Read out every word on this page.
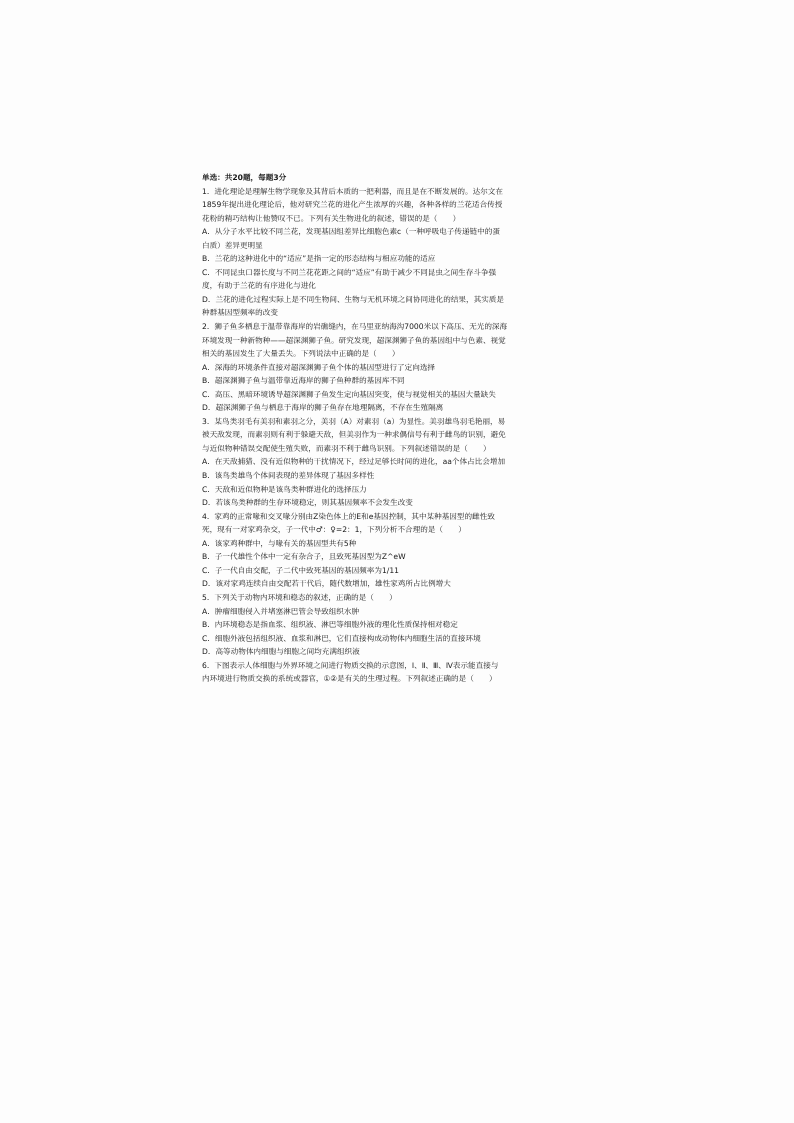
单选：共20题，每题3分
1．进化理论是理解生物学现象及其背后本质的一把利器，而且是在不断发展的。达尔文在
1859年提出进化理论后，他对研究兰花的进化产生浓厚的兴趣，各种各样的兰花适合传授
花粉的精巧结构让他赞叹不已。下列有关生物进化的叙述，错误的是（　　）
A．从分子水平比较不同兰花，发现基因组差异比细胞色素c（一种呼吸电子传递链中的蛋
白质）差异更明显
B．兰花的这种进化中的“适应”是指一定的形态结构与相应功能的适应
C．不同昆虫口器长度与不同兰花花距之间的“适应”有助于减少不同昆虫之间生存斗争强
度，有助于兰花的有序进化与进化
D．兰花的进化过程实际上是不同生物间、生物与无机环境之间协同进化的结果，其实质是
种群基因型频率的改变
2．狮子鱼多栖息于温带靠海岸的岩礁缝内，在马里亚纳海沟7000米以下高压、无光的深海
环境发现一种新物种——超深渊狮子鱼。研究发现，超深渊狮子鱼的基因组中与色素、视觉
相关的基因发生了大量丢失。下列说法中正确的是（　　）
A．深海的环境条件直接对超深渊狮子鱼个体的基因型进行了定向选择
B．超深渊狮子鱼与温带靠近海岸的狮子鱼种群的基因库不同
C．高压、黑暗环境诱导超深渊狮子鱼发生定向基因突变，使与视觉相关的基因大量缺失
D．超深渊狮子鱼与栖息于海岸的狮子鱼存在地理隔离，不存在生殖隔离
3．某鸟类羽毛有美羽和素羽之分，美羽（A）对素羽（a）为显性。美羽雄鸟羽毛艳丽，易
被天敌发现，而素羽则有利于躲避天敌，但美羽作为一种求偶信号有利于雌鸟的识别，避免
与近似物种错误交配使生殖失败，而素羽不利于雌鸟识别。下列叙述错误的是（　　）
A．在天敌捕猎、没有近似物种的干扰情况下，经过足够长时间的进化，aa个体占比会增加
B．该鸟类雄鸟个体间表现的差异体现了基因多样性
C．天敌和近似物种是该鸟类种群进化的选择压力
D．若该鸟类种群的生存环境稳定，则其基因频率不会发生改变
4．家鸡的正常喙和交叉喙分别由Z染色体上的E和e基因控制，其中某种基因型的雌性致
死，现有一对家鸡杂交，子一代中♂：♀=2：1，下列分析不合理的是（　　）
A．该家鸡种群中，与喙有关的基因型共有5种
B．子一代雄性个体中一定有杂合子，且致死基因型为Z^eW
C．子一代自由交配，子二代中致死基因的基因频率为1/11
D．该对家鸡连续自由交配若干代后，随代数增加，雄性家鸡所占比例增大
5．下列关于动物内环境和稳态的叙述，正确的是（　　）
A．肿瘤细胞侵入并堵塞淋巴管会导致组织水肿
B．内环境稳态是指血浆、组织液、淋巴等细胞外液的理化性质保持相对稳定
C．细胞外液包括组织液、血浆和淋巴，它们直接构成动物体内细胞生活的直接环境
D．高等动物体内细胞与细胞之间均充满组织液
6．下图表示人体细胞与外界环境之间进行物质交换的示意图，Ⅰ、Ⅱ、Ⅲ、Ⅳ表示能直接与
内环境进行物质交换的系统或器官，①②是有关的生理过程。下列叙述正确的是（　　）
